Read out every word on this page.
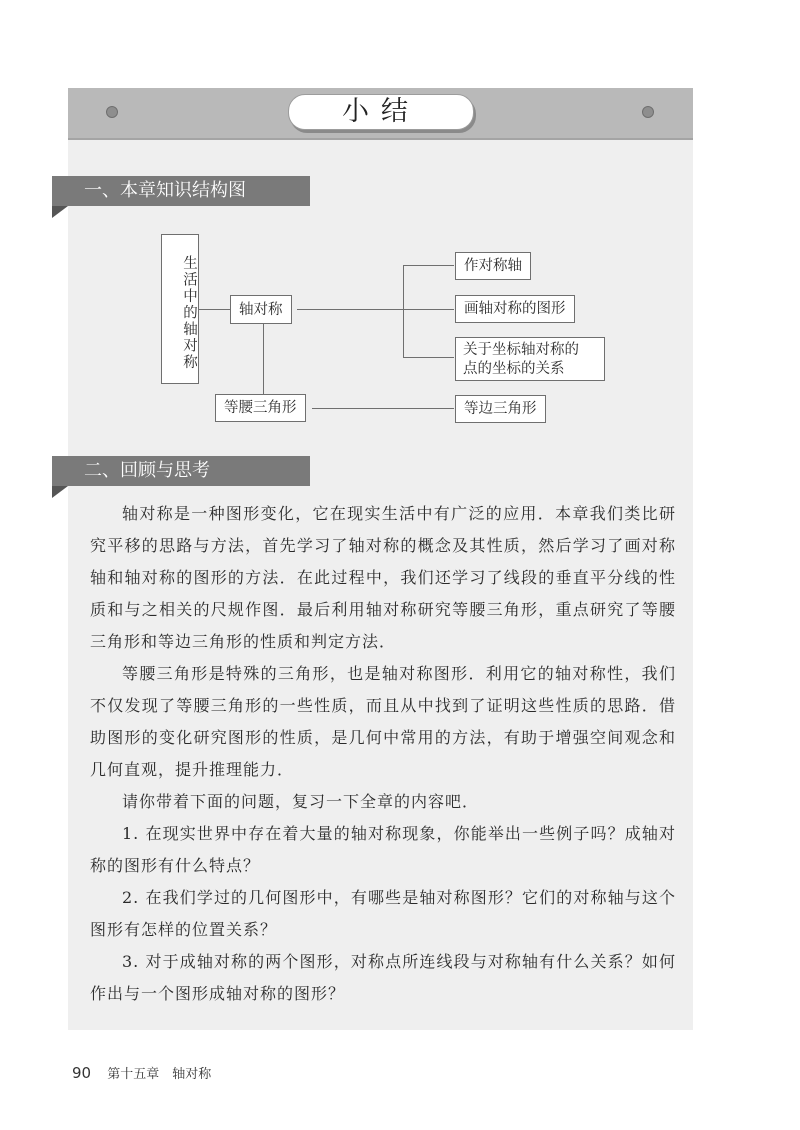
小结
一、本章知识结构图
生活中的轴对称	轴对称
作对称轴
画轴对称的图形
关于坐标轴对称的
点的坐标的关系
等腰三角形	等边三角形
二、回顾与思考
轴对称是一种图形变化，它在现实生活中有广泛的应用．本章我们类比研究平移的思路与方法，首先学习了轴对称的概念及其性质，然后学习了画对称轴和轴对称的图形的方法．在此过程中，我们还学习了线段的垂直平分线的性质和与之相关的尺规作图．最后利用轴对称研究等腰三角形，重点研究了等腰三角形和等边三角形的性质和判定方法．
等腰三角形是特殊的三角形，也是轴对称图形．利用它的轴对称性，我们不仅发现了等腰三角形的一些性质，而且从中找到了证明这些性质的思路．借助图形的变化研究图形的性质，是几何中常用的方法，有助于增强空间观念和几何直观，提升推理能力．
请你带着下面的问题，复习一下全章的内容吧．
1. 在现实世界中存在着大量的轴对称现象，你能举出一些例子吗？成轴对称的图形有什么特点？
2. 在我们学过的几何图形中，有哪些是轴对称图形？它们的对称轴与这个图形有怎样的位置关系？
3. 对于成轴对称的两个图形，对称点所连线段与对称轴有什么关系？如何作出与一个图形成轴对称的图形？
90 第十五章　轴对称
